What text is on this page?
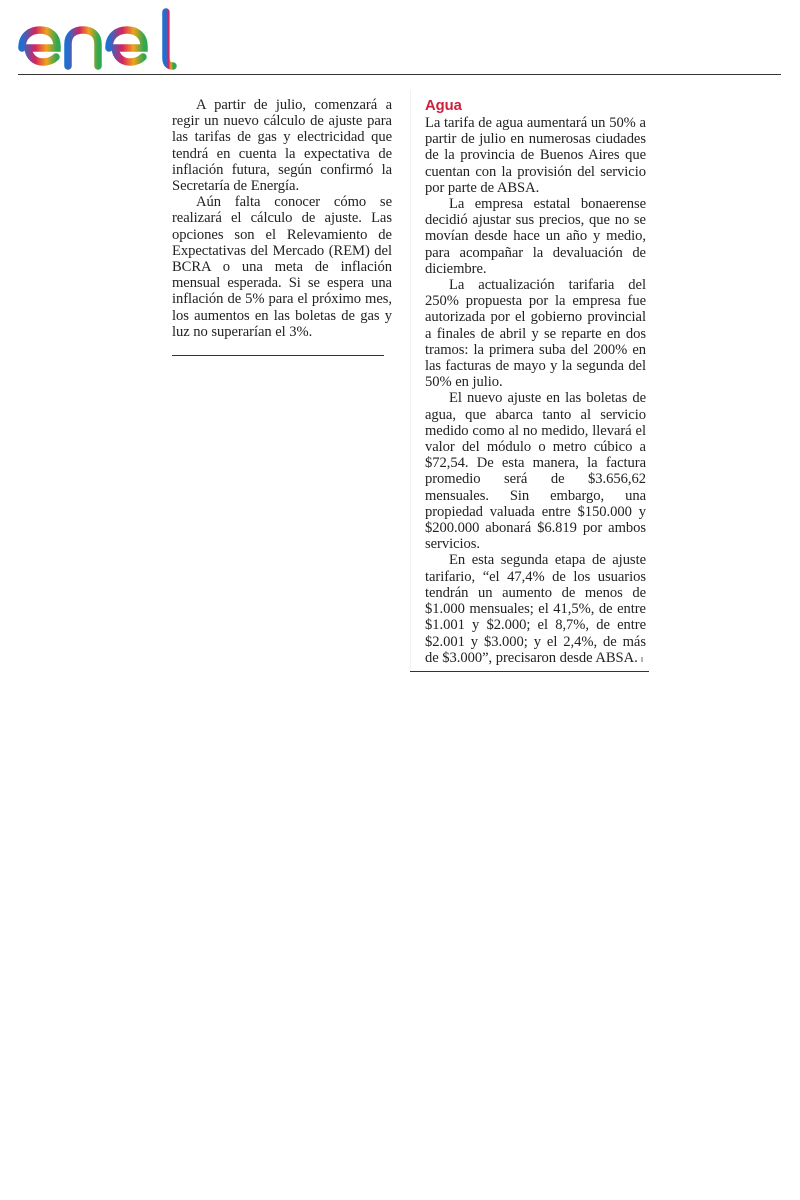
A partir de julio, comenzará a regir un nuevo cálculo de ajuste para las tarifas de gas y electricidad que tendrá en cuenta la expectativa de inflación futura, según confirmó la Secretaría de Energía.

Aún falta conocer cómo se realizará el cálculo de ajuste. Las opciones son el Relevamiento de Expectativas del Mercado (REM) del BCRA o una meta de inflación mensual esperada. Si se espera una inflación de 5% para el próximo mes, los aumentos en las boletas de gas y luz no superarían el 3%.

Agua

La tarifa de agua aumentará un 50% a partir de julio en numerosas ciudades de la provincia de Buenos Aires que cuentan con la provisión del servicio por parte de ABSA.

La empresa estatal bonaerense decidió ajustar sus precios, que no se movían desde hace un año y medio, para acompañar la devaluación de diciembre.

La actualización tarifaria del 250% propuesta por la empresa fue autorizada por el gobierno provincial a finales de abril y se reparte en dos tramos: la primera suba del 200% en las facturas de mayo y la segunda del 50% en julio.

El nuevo ajuste en las boletas de agua, que abarca tanto al servicio medido como al no medido, llevará el valor del módulo o metro cúbico a $72,54. De esta manera, la factura promedio será de $3.656,62 mensuales. Sin embargo, una propiedad valuada entre $150.000 y $200.000 abonará $6.819 por ambos servicios.

En esta segunda etapa de ajuste tarifario, “el 47,4% de los usuarios tendrán un aumento de menos de $1.000 mensuales; el 41,5%, de entre $1.001 y $2.000; el 8,7%, de entre $2.001 y $3.000; y el 2,4%, de más de $3.000”, precisaron desde ABSA. ı
